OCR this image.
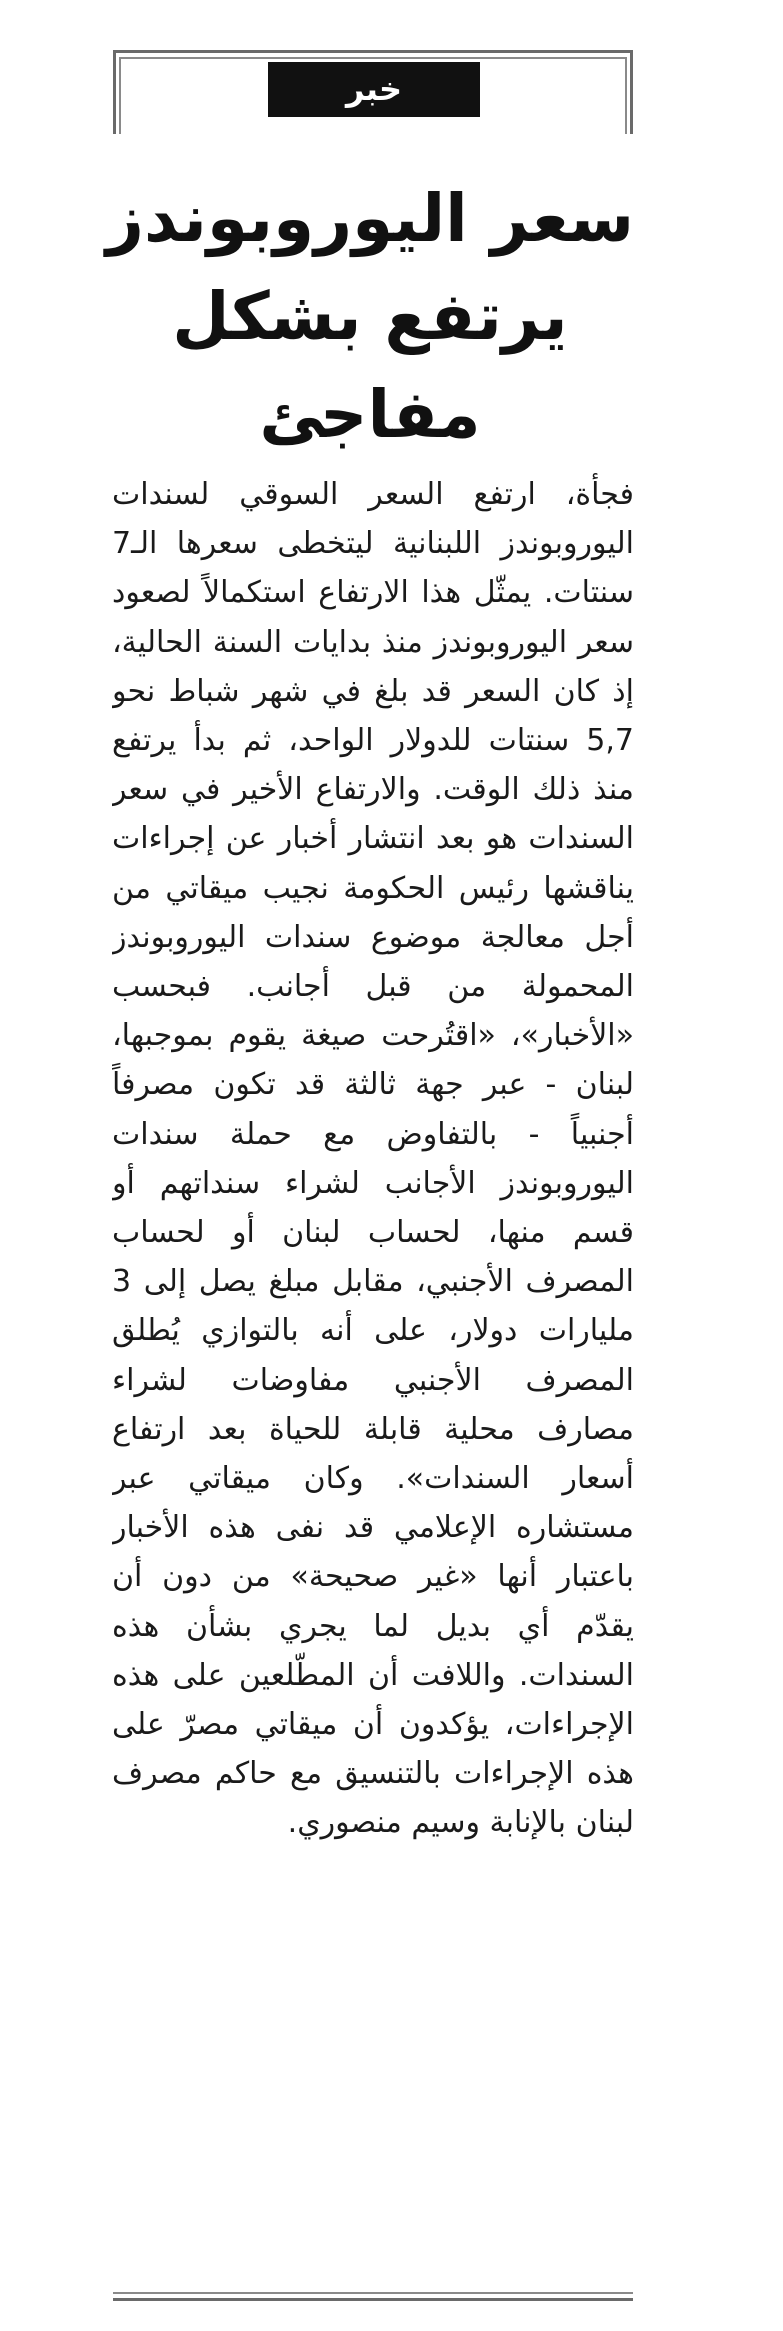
خبر
سعر اليوروبوندز
يرتفع بشكل
مفاجئ

فجأة، ارتفع السعر السوقي لسندات اليوروبوندز اللبنانية ليتخطى سعرها الـ7 سنتات. يمثّل هذا الارتفاع استكمالاً لصعود سعر اليوروبوندز منذ بدايات السنة الحالية، إذ كان السعر قد بلغ في شهر شباط نحو 5,7 سنتات للدولار الواحد، ثم بدأ يرتفع منذ ذلك الوقت. والارتفاع الأخير في سعر السندات هو بعد انتشار أخبار عن إجراءات يناقشها رئيس الحكومة نجيب ميقاتي من أجل معالجة موضوع سندات اليوروبوندز المحمولة من قبل أجانب. فبحسب «الأخبار»، «اقتُرحت صيغة يقوم بموجبها، لبنان - عبر جهة ثالثة قد تكون مصرفاً أجنبياً - بالتفاوض مع حملة سندات اليوروبوندز الأجانب لشراء سنداتهم أو قسم منها، لحساب لبنان أو لحساب المصرف الأجنبي، مقابل مبلغ يصل إلى 3 مليارات دولار، على أنه بالتوازي يُطلق المصرف الأجنبي مفاوضات لشراء مصارف محلية قابلة للحياة بعد ارتفاع أسعار السندات». وكان ميقاتي عبر مستشاره الإعلامي قد نفى هذه الأخبار باعتبار أنها «غير صحيحة» من دون أن يقدّم أي بديل لما يجري بشأن هذه السندات. واللافت أن المطّلعين على هذه الإجراءات، يؤكدون أن ميقاتي مصرّ على هذه الإجراءات بالتنسيق مع حاكم مصرف لبنان بالإنابة وسيم منصوري.
